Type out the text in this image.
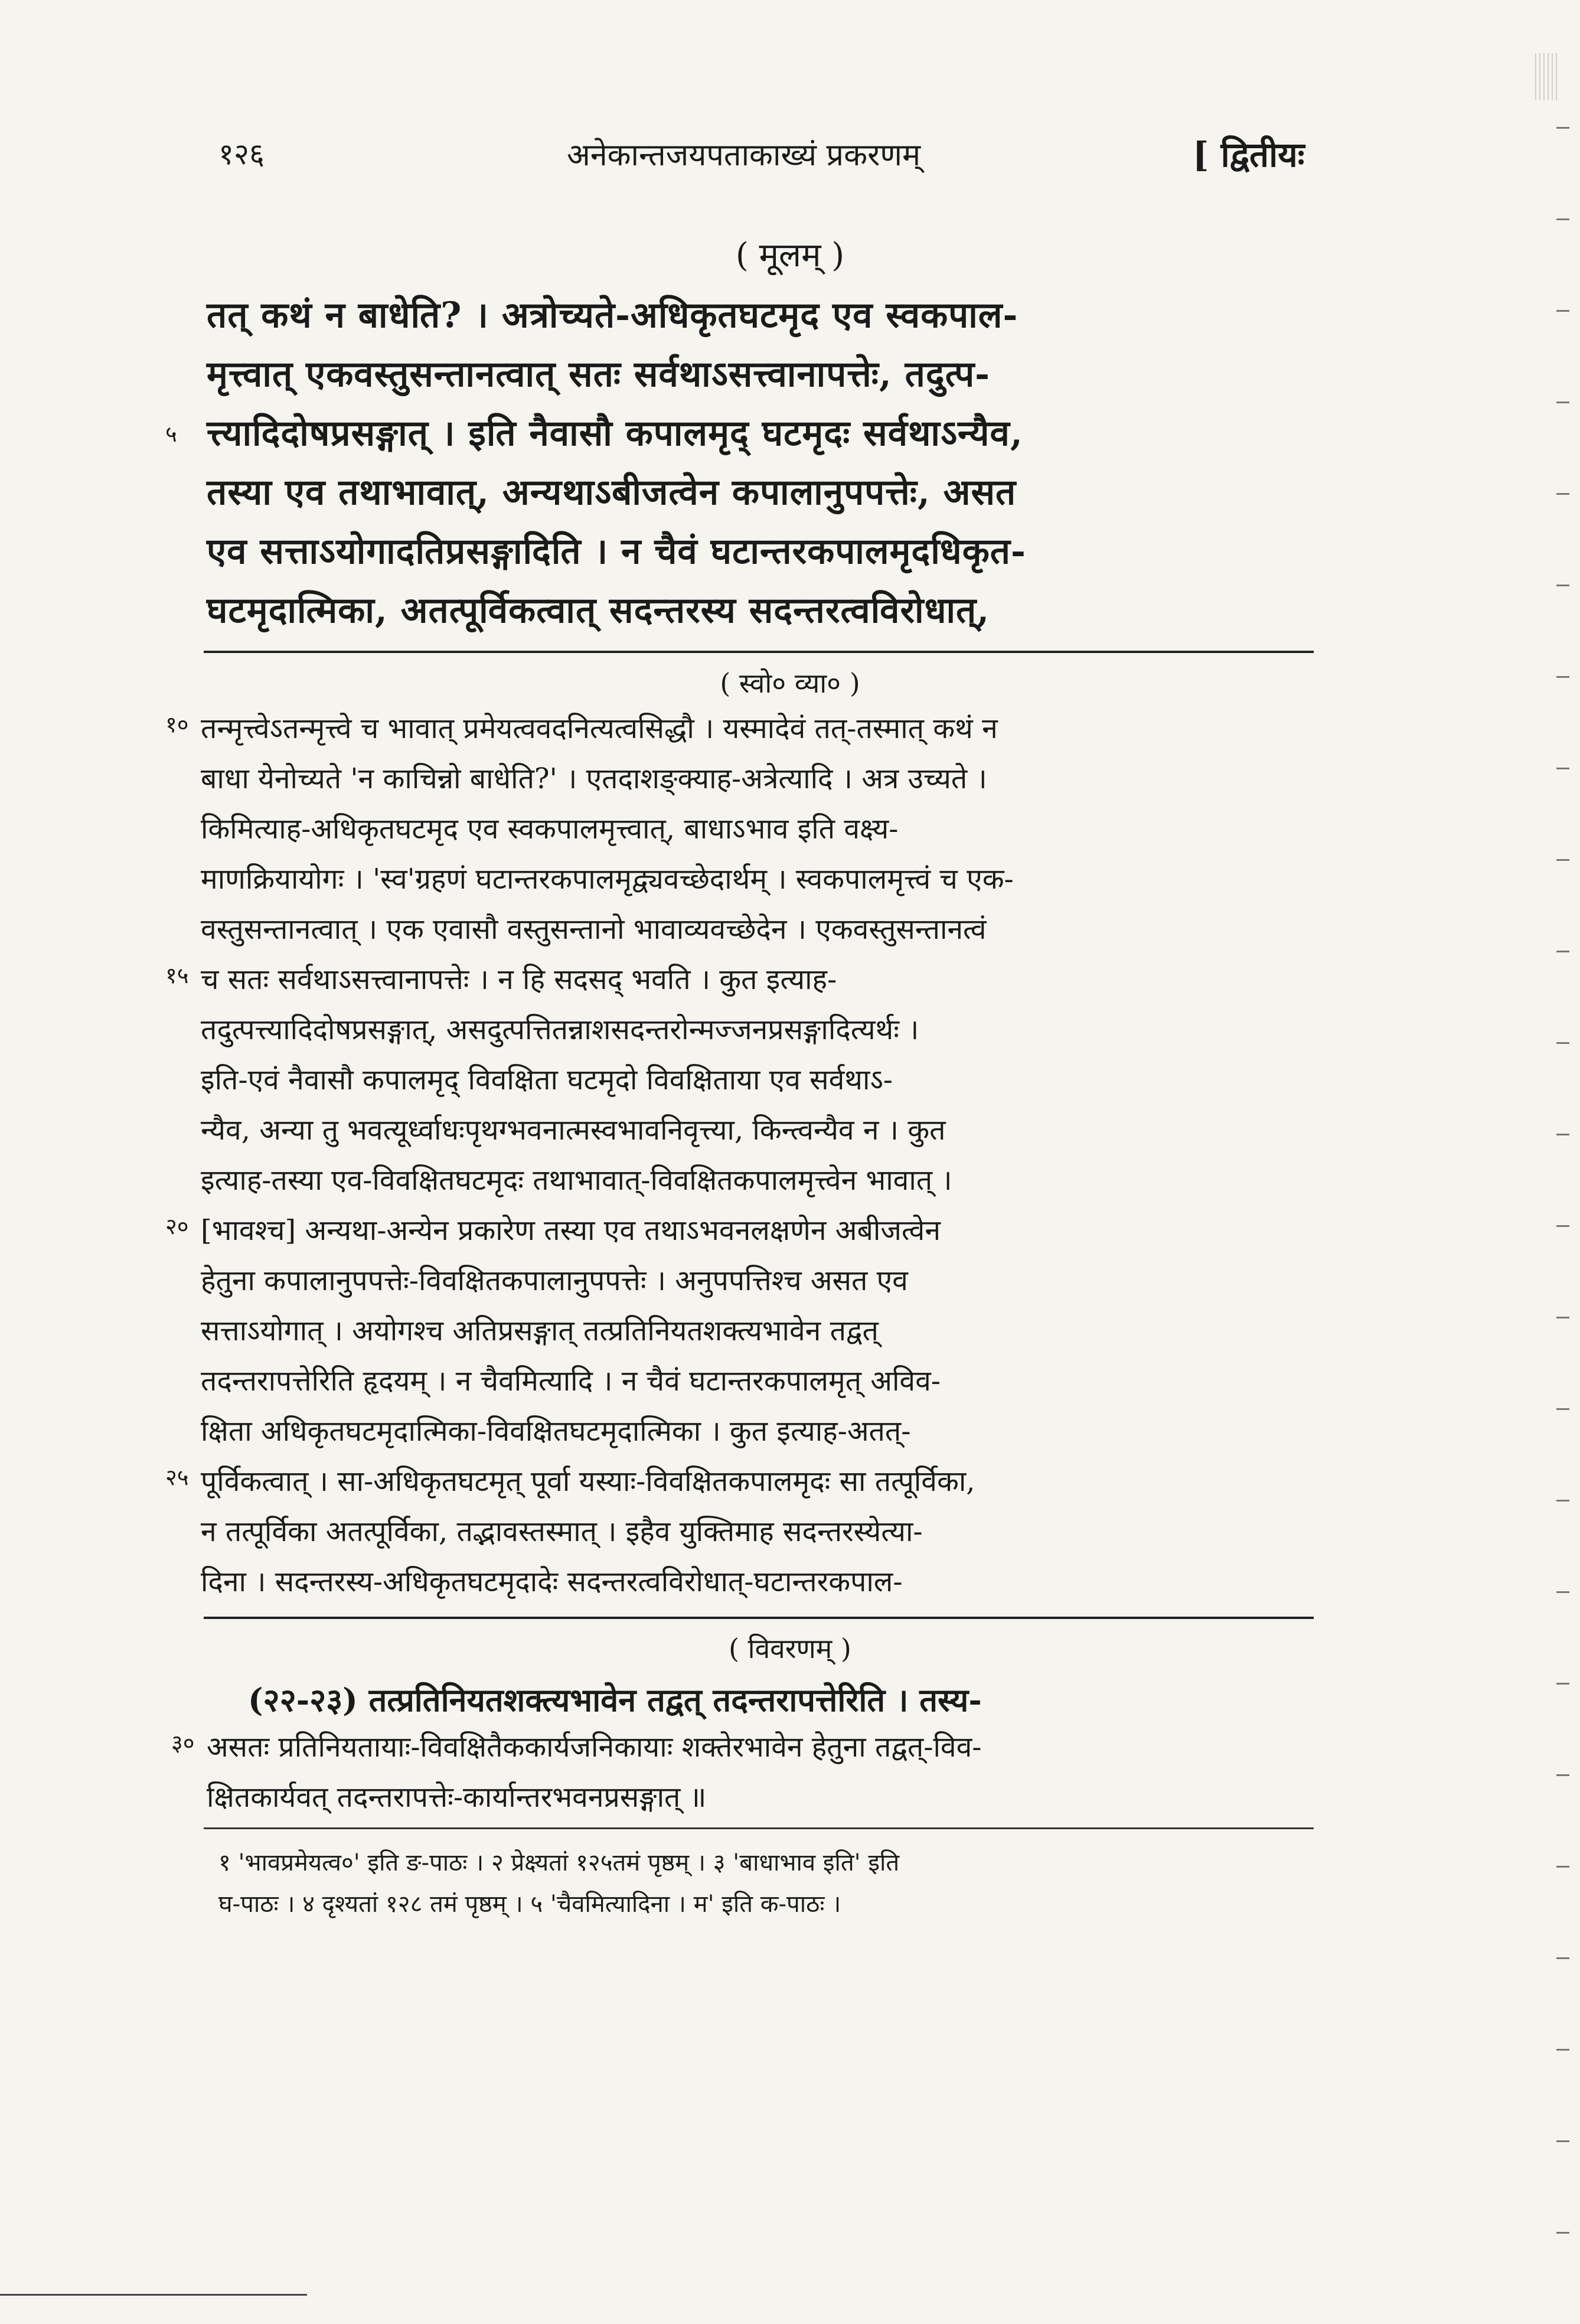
१२६	अनेकान्तजयपताकाख्यं प्रकरणम्	[ द्वितीयः
( मूलम् )
तत् कथं न बाधेति? । अत्रोच्यते-अधिकृतघटमृद एव स्वकपाल-
मृत्त्वात् एकवस्तुसन्तानत्वात् सतः सर्वथाऽसत्त्वानापत्तेः, तदुत्प-
५ त्त्यादिदोषप्रसङ्गात् । इति नैवासौ कपालमृद् घटमृदः सर्वथाऽन्यैव,
तस्या एव तथाभावात्, अन्यथाऽबीजत्वेन कपालानुपपत्तेः, असत
एव सत्ताऽयोगादतिप्रसङ्गादिति । न चैवं घटान्तरकपालमृदधिकृत-
घटमृदात्मिका, अतत्पूर्विकत्वात् सदन्तरस्य सदन्तरत्वविरोधात्,
( स्वो० व्या० )
१० तन्मृत्त्वेऽतन्मृत्त्वे च भावात् प्रमेयत्ववदनित्यत्वसिद्धौ । यस्मादेवं तत्-तस्मात् कथं न
बाधा येनोच्यते 'न काचिन्नो बाधेति?' । एतदाशङ्क्याह-अत्रेत्यादि । अत्र उच्यते ।
किमित्याह-अधिकृतघटमृद एव स्वकपालमृत्त्वात्, बाधाऽभाव इति वक्ष्य-
माणक्रियायोगः । 'स्व'ग्रहणं घटान्तरकपालमृद्व्यवच्छेदार्थम् । स्वकपालमृत्त्वं च एक-
वस्तुसन्तानत्वात् । एक एवासौ वस्तुसन्तानो भावाव्यवच्छेदेन । एकवस्तुसन्तानत्वं
१५ च सतः सर्वथाऽसत्त्वानापत्तेः । न हि सदसद् भवति । कुत इत्याह-
तदुत्पत्त्यादिदोषप्रसङ्गात्, असदुत्पत्तितन्नाशसदन्तरोन्मज्जनप्रसङ्गादित्यर्थः ।
इति-एवं नैवासौ कपालमृद् विवक्षिता घटमृदो विवक्षिताया एव सर्वथाऽ-
न्यैव, अन्या तु भवत्यूर्ध्वाधःपृथग्भवनात्मस्वभावनिवृत्त्या, किन्त्वन्यैव न । कुत
इत्याह-तस्या एव-विवक्षितघटमृदः तथाभावात्-विवक्षितकपालमृत्त्वेन भावात् ।
२० [भावश्च] अन्यथा-अन्येन प्रकारेण तस्या एव तथाऽभवनलक्षणेन अबीजत्वेन
हेतुना कपालानुपपत्तेः-विवक्षितकपालानुपपत्तेः । अनुपपत्तिश्च असत एव
सत्ताऽयोगात् । अयोगश्च अतिप्रसङ्गात् तत्प्रतिनियतशक्त्यभावेन तद्वत्
तदन्तरापत्तेरिति हृदयम् । न चैवमित्यादि । न चैवं घटान्तरकपालमृत् अविव-
क्षिता अधिकृतघटमृदात्मिका-विवक्षितघटमृदात्मिका । कुत इत्याह-अतत्-
२५ पूर्विकत्वात् । सा-अधिकृतघटमृत् पूर्वा यस्याः-विवक्षितकपालमृदः सा तत्पूर्विका,
न तत्पूर्विका अतत्पूर्विका, तद्भावस्तस्मात् । इहैव युक्तिमाह सदन्तरस्येत्या-
दिना । सदन्तरस्य-अधिकृतघटमृदादेः सदन्तरत्वविरोधात्-घटान्तरकपाल-
( विवरणम् )
(२२-२३) तत्प्रतिनियतशक्त्यभावेन तद्वत् तदन्तरापत्तेरिति । तस्य-
३० असतः प्रतिनियतायाः-विवक्षितैककार्यजनिकायाः शक्तेरभावेन हेतुना तद्वत्-विव-
क्षितकार्यवत् तदन्तरापत्तेः-कार्यान्तरभवनप्रसङ्गात् ॥
१ 'भावप्रमेयत्व०' इति ङ-पाठः । २ प्रेक्ष्यतां १२५तमं पृष्ठम् । ३ 'बाधाभाव इति' इति
घ-पाठः । ४ दृश्यतां १२८ तमं पृष्ठम् । ५ 'चैवमित्यादिना । म' इति क-पाठः ।
